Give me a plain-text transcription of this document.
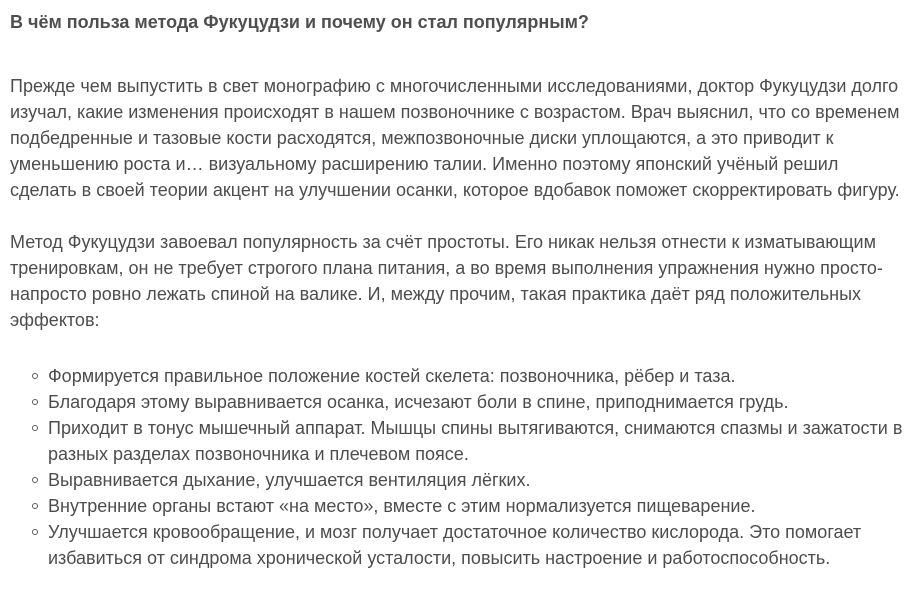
В чём польза метода Фукуцудзи и почему он стал популярным?

Прежде чем выпустить в свет монографию с многочисленными исследованиями, доктор Фукуцудзи долго изучал, какие изменения происходят в нашем позвоночнике с возрастом. Врач выяснил, что со временем подбедренные и тазовые кости расходятся, межпозвоночные диски уплощаются, а это приводит к уменьшению роста и… визуальному расширению талии. Именно поэтому японский учёный решил сделать в своей теории акцент на улучшении осанки, которое вдобавок поможет скорректировать фигуру.

Метод Фукуцудзи завоевал популярность за счёт простоты. Его никак нельзя отнести к изматывающим тренировкам, он не требует строгого плана питания, а во время выполнения упражнения нужно просто-напросто ровно лежать спиной на валике. И, между прочим, такая практика даёт ряд положительных эффектов:

Формируется правильное положение костей скелета: позвоночника, рёбер и таза.
Благодаря этому выравнивается осанка, исчезают боли в спине, приподнимается грудь.
Приходит в тонус мышечный аппарат. Мышцы спины вытягиваются, снимаются спазмы и зажатости в разных разделах позвоночника и плечевом поясе.
Выравнивается дыхание, улучшается вентиляция лёгких.
Внутренние органы встают «на место», вместе с этим нормализуется пищеварение.
Улучшается кровообращение, и мозг получает достаточное количество кислорода. Это помогает избавиться от синдрома хронической усталости, повысить настроение и работоспособность.
